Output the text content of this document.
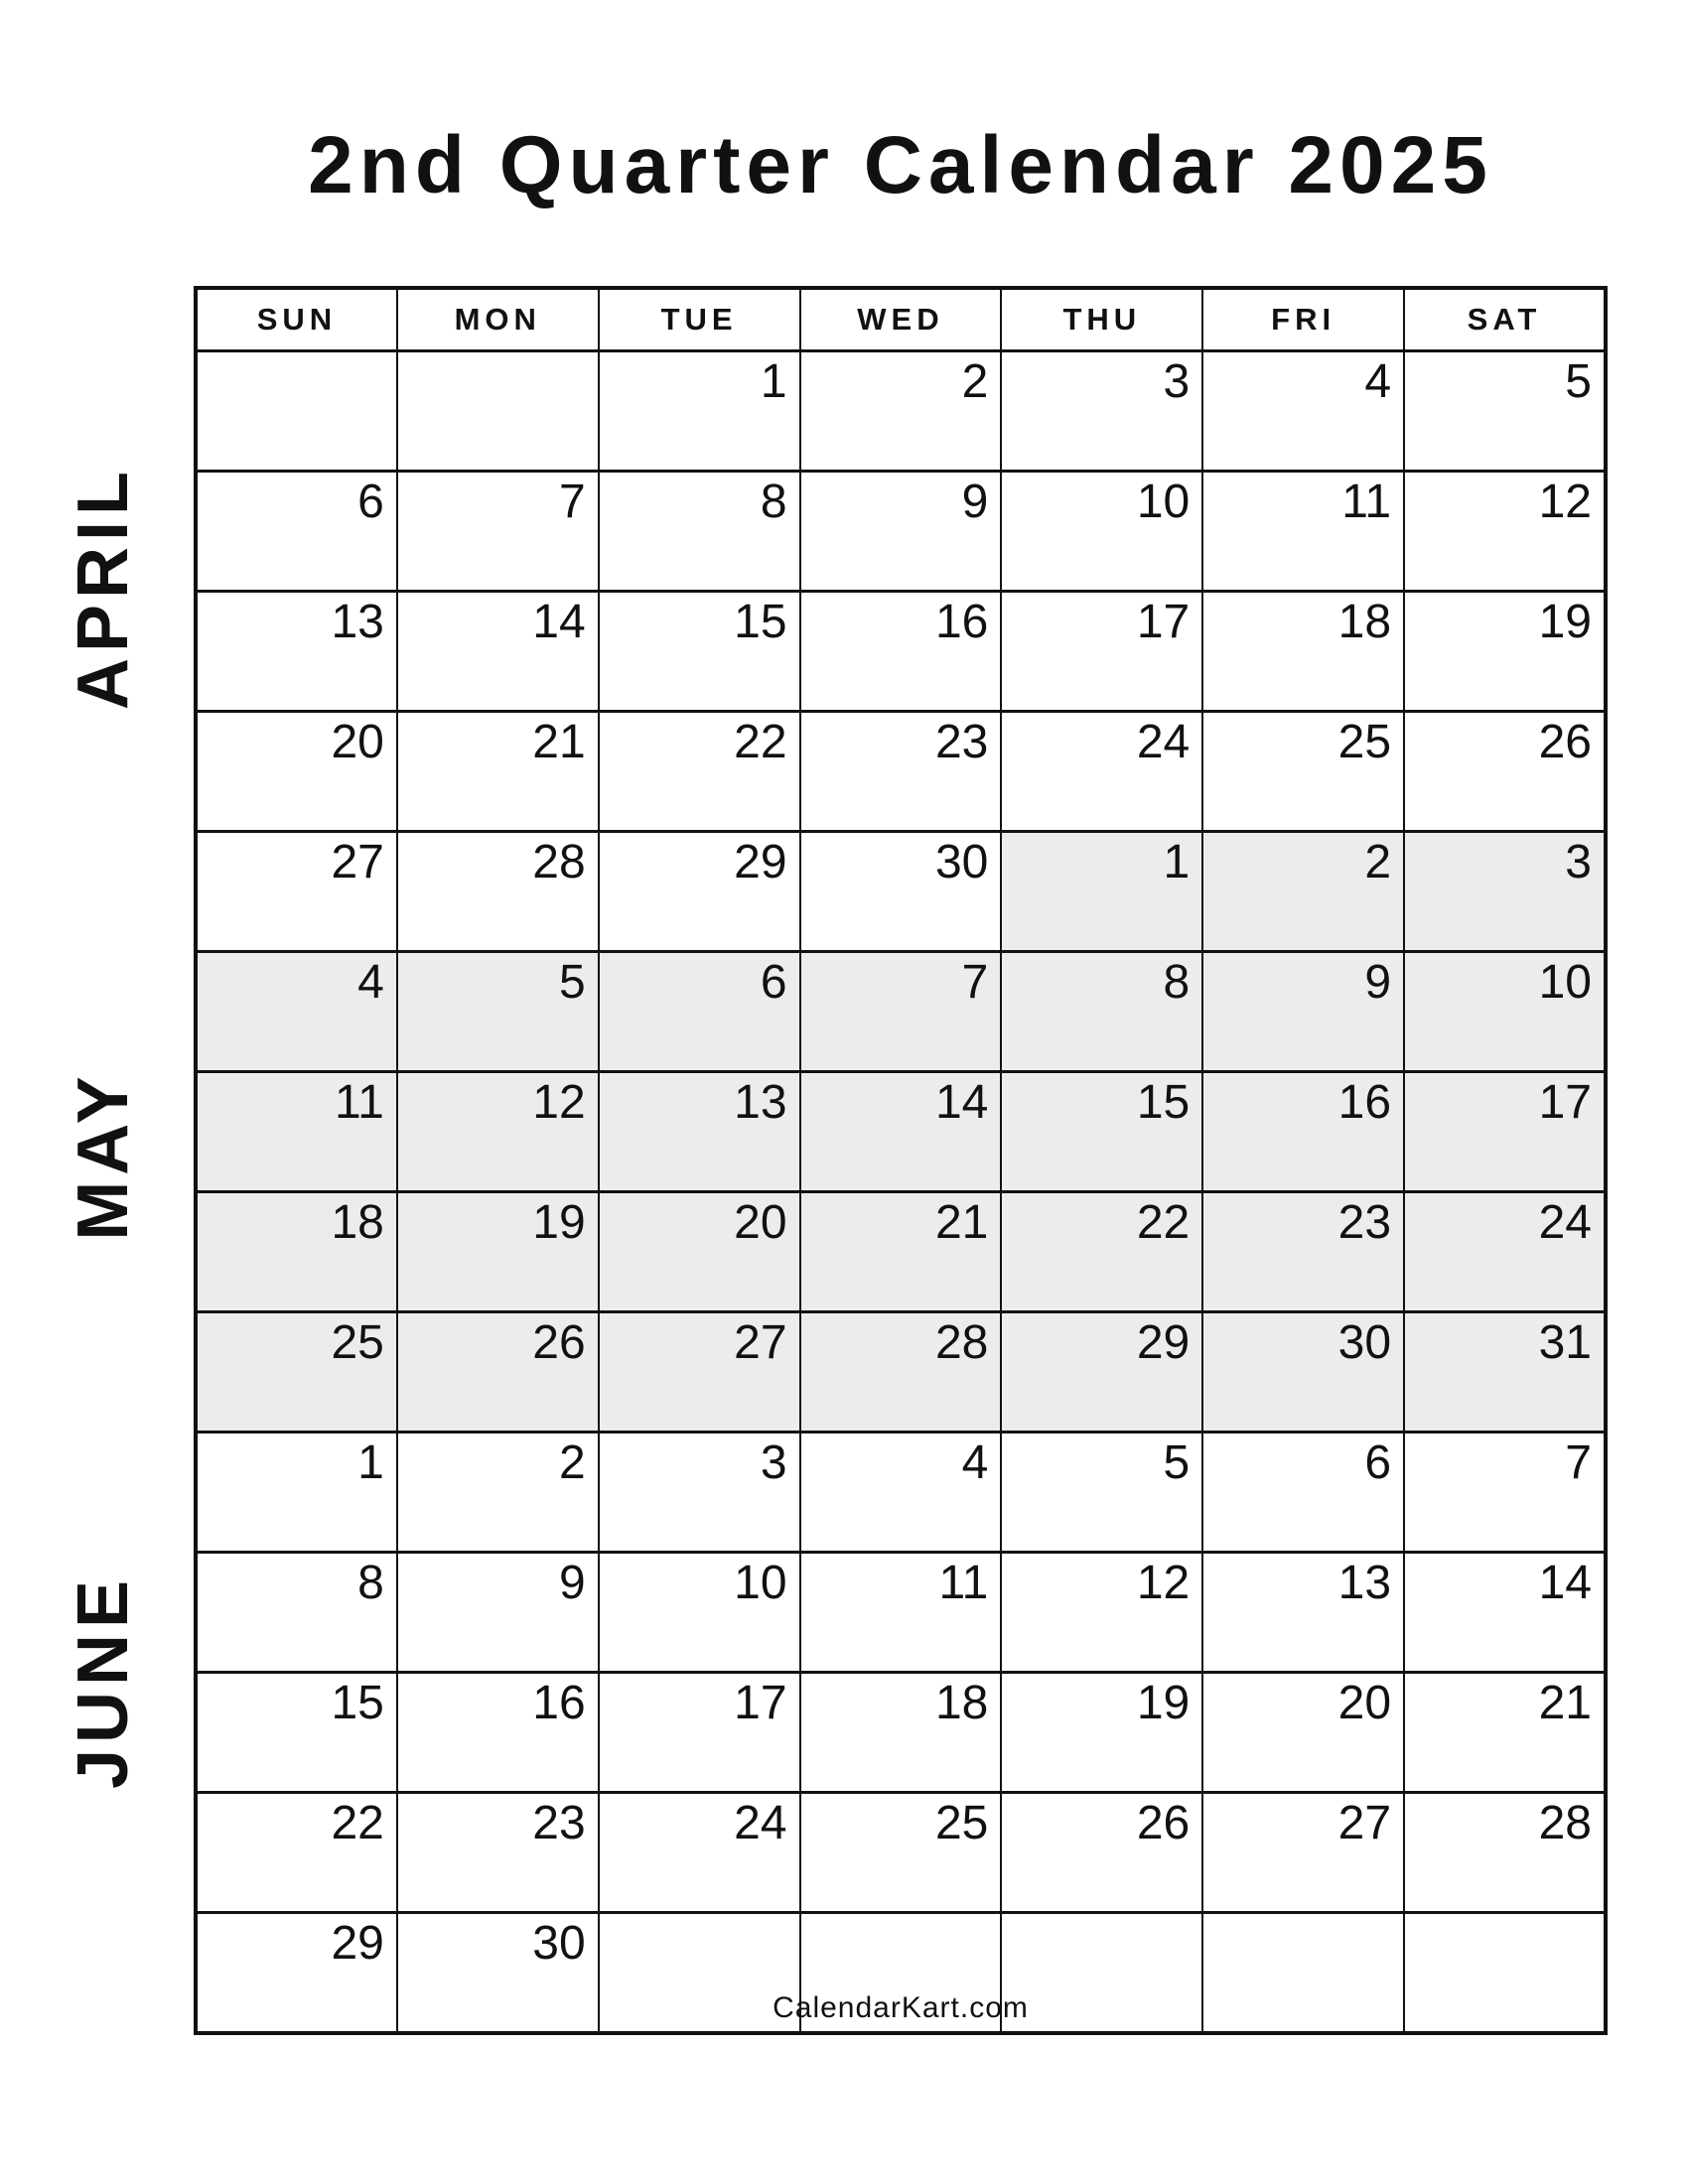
2nd Quarter Calendar 2025
APRIL
MAY
JUNE
SUN	MON	TUE	WED	THU	FRI	SAT
		1	2	3	4	5
6	7	8	9	10	11	12
13	14	15	16	17	18	19
20	21	22	23	24	25	26
27	28	29	30	1	2	3
4	5	6	7	8	9	10
11	12	13	14	15	16	17
18	19	20	21	22	23	24
25	26	27	28	29	30	31
1	2	3	4	5	6	7
8	9	10	11	12	13	14
15	16	17	18	19	20	21
22	23	24	25	26	27	28
29	30					
CalendarKart.com
